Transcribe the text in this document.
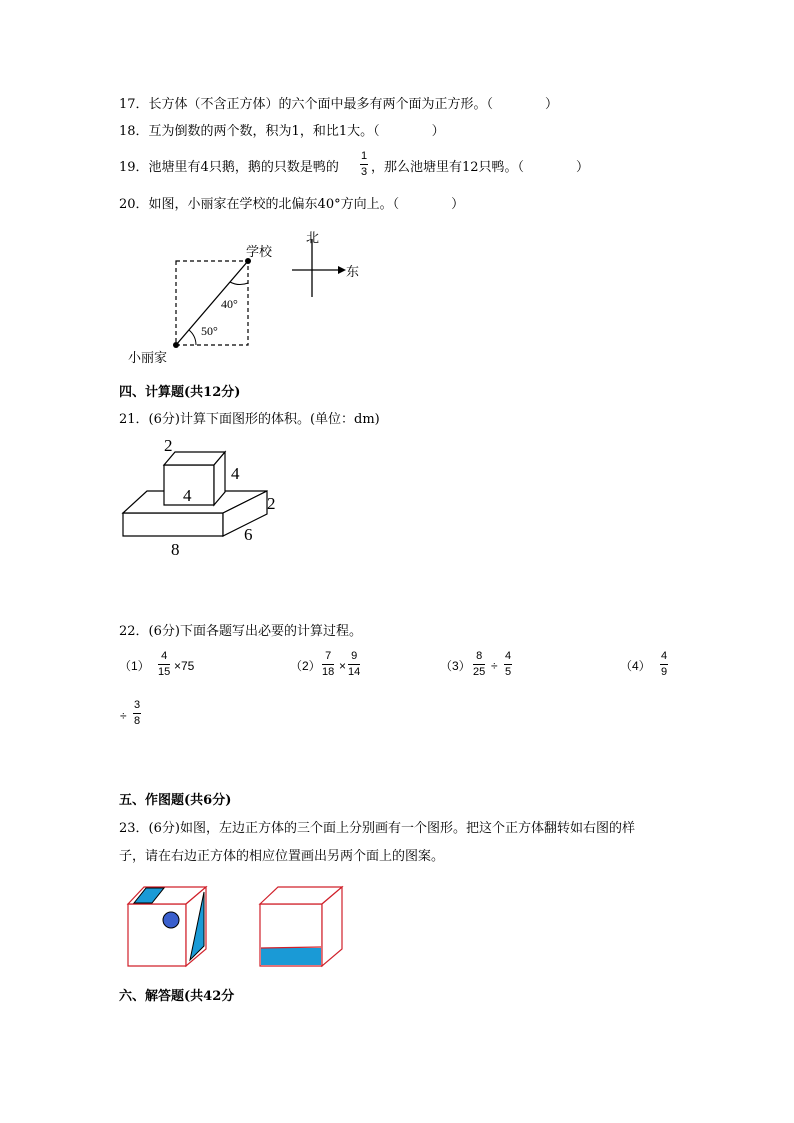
17．长方体（不含正方体）的六个面中最多有两个面为正方形。（　　　　）
18．互为倒数的两个数，积为1，和比1大。（　　　　）
19．池塘里有4只鹅，鹅的只数是鸭的 $\frac{1}{3}$ ，那么池塘里有12只鸭。（　　　　）
20．如图，小丽家在学校的北偏东40°方向上。（　　　　）
学校
40°
50°
小丽家
北
东
四、计算题(共12分)
21．(6分)计算下面图形的体积。(单位：dm)
2
4
4	2
6
8
22．(6分)下面各题写出必要的计算过程。
$(1) \frac{4}{15} \times 75$	$(2) \frac{7}{18} \times \frac{9}{14}$	$(3) \frac{8}{25} \div \frac{4}{5}$	$(4) \frac{4}{9}$
÷ $\frac{3}{8}$
五、作图题(共6分)
23．(6分)如图，左边正方体的三个面上分别画有一个图形。把这个正方体翻转如右图的样
子，请在右边正方体的相应位置画出另两个面上的图案。
六、解答题(共42分
